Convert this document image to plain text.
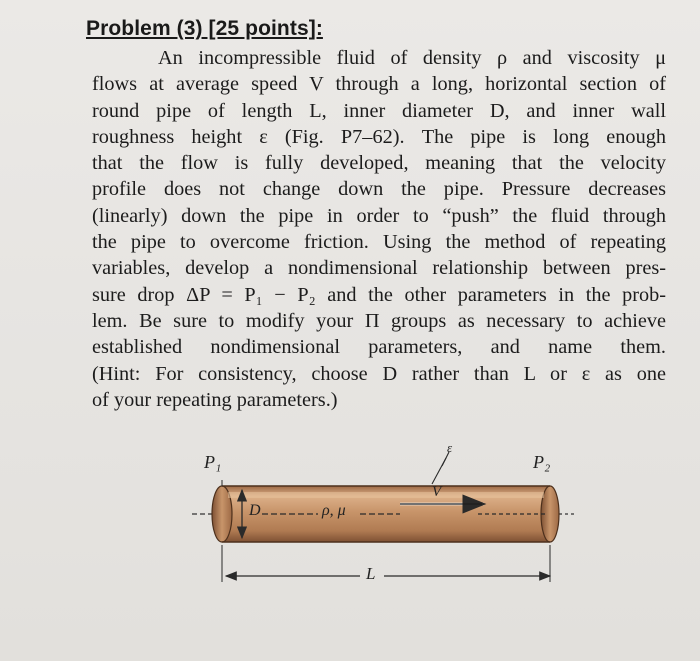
Problem (3) [25 points]:
An incompressible fluid of density ρ and viscosity μ
flows at average speed V through a long, horizontal section of
round pipe of length L, inner diameter D, and inner wall
roughness height ε (Fig. P7–62). The pipe is long enough
that the flow is fully developed, meaning that the velocity
profile does not change down the pipe. Pressure decreases
(linearly) down the pipe in order to “push” the fluid through
the pipe to overcome friction. Using the method of repeating
variables, develop a nondimensional relationship between pres-
sure drop ΔP = P₁ − P₂ and the other parameters in the prob-
lem. Be sure to modify your Π groups as necessary to achieve
established nondimensional parameters, and name them.
(Hint: For consistency, choose D rather than L or ε as one
of your repeating parameters.)
P₁	P₂
ε
V
D	ρ, μ
L
